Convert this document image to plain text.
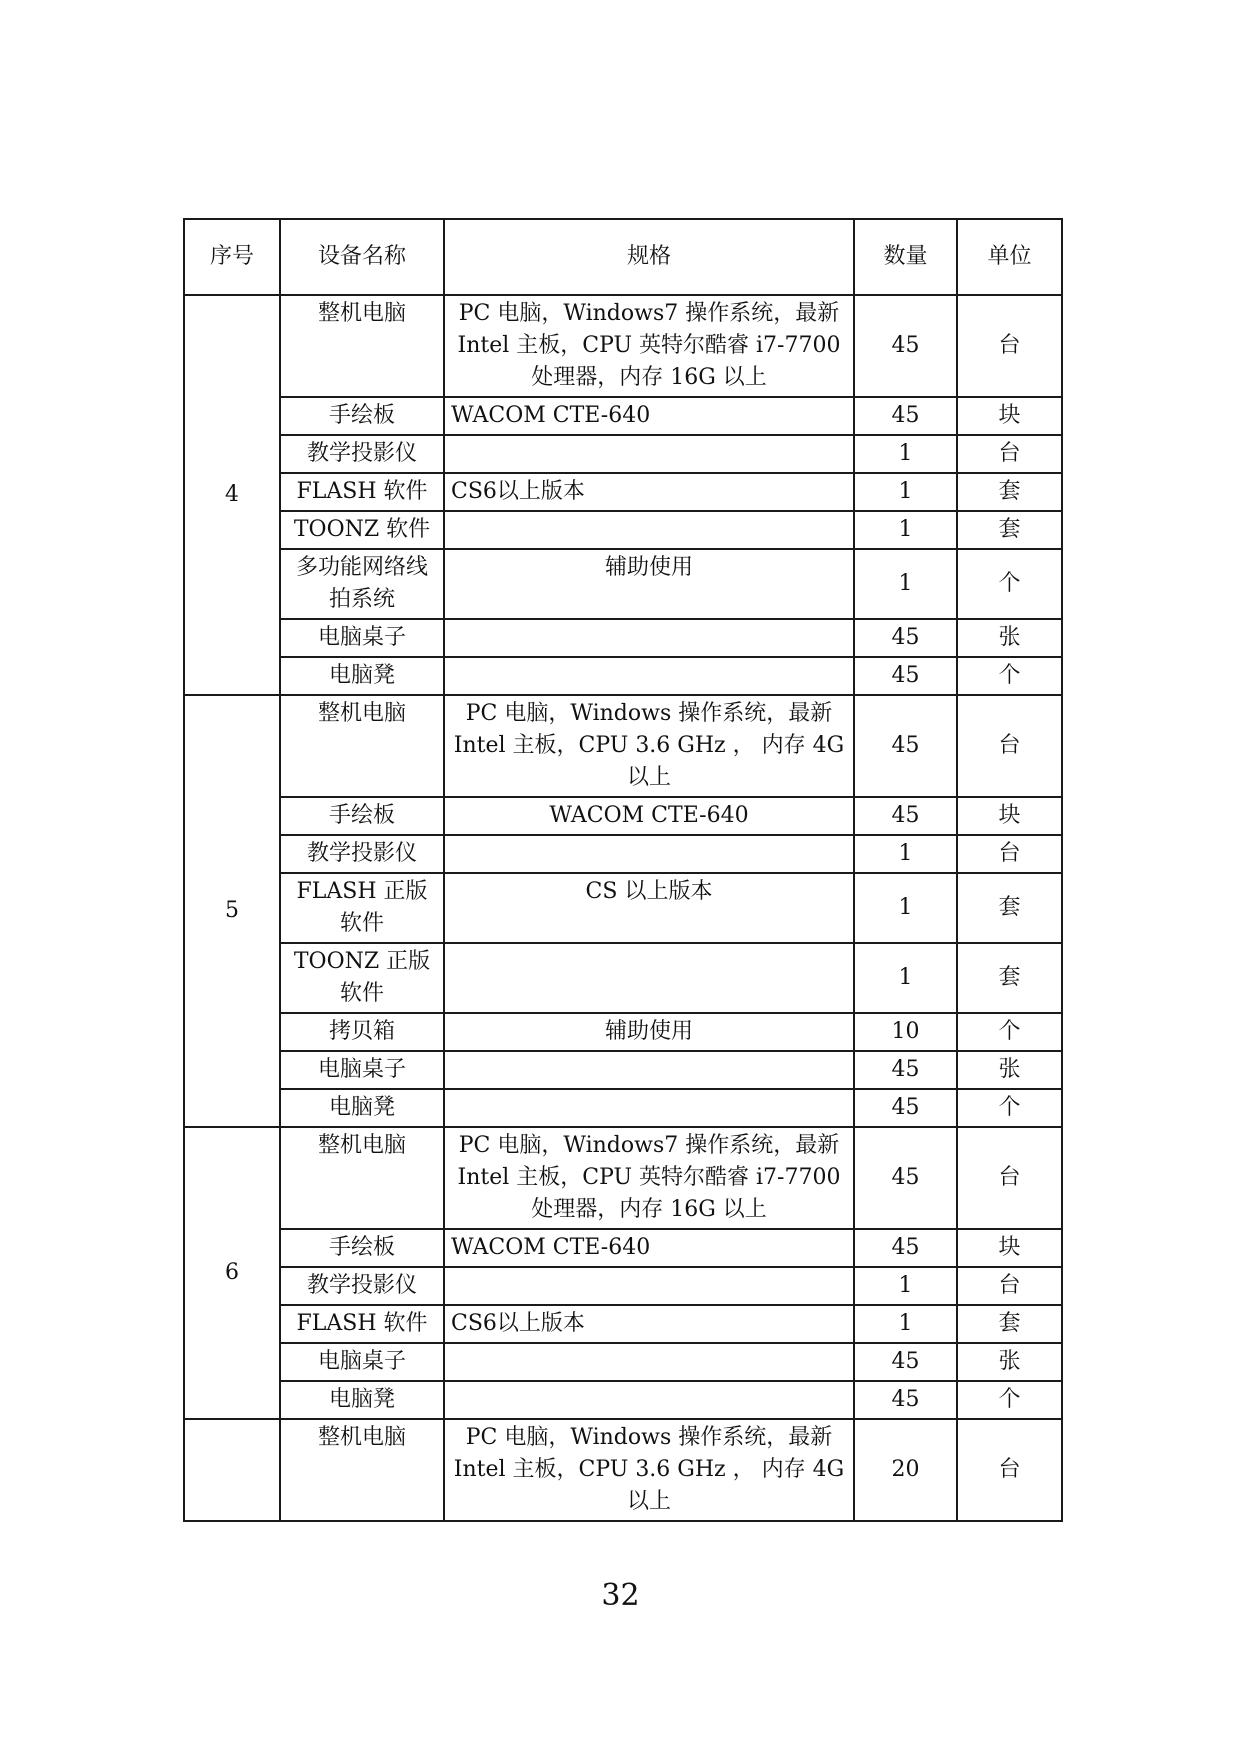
序号	设备名称	规格	数量	单位
4	整机电脑	PC 电脑，Windows7 操作系统，最新 Intel 主板，CPU 英特尔酷睿 i7-7700 处理器，内存 16G 以上	45	台
	手绘板	WACOM CTE-640	45	块
	教学投影仪		1	台
	FLASH 软件	CS6以上版本	1	套
	TOONZ 软件		1	套
	多功能网络线拍系统	辅助使用	1	个
	电脑桌子		45	张
	电脑凳		45	个
5	整机电脑	PC 电脑，Windows 操作系统，最新 Intel 主板，CPU 3.6 GHz ， 内存 4G 以上	45	台
	手绘板	WACOM CTE-640	45	块
	教学投影仪		1	台
	FLASH 正版软件	CS 以上版本	1	套
	TOONZ 正版软件		1	套
	拷贝箱	辅助使用	10	个
	电脑桌子		45	张
	电脑凳		45	个
6	整机电脑	PC 电脑，Windows7 操作系统，最新 Intel 主板，CPU 英特尔酷睿 i7-7700 处理器，内存 16G 以上	45	台
	手绘板	WACOM CTE-640	45	块
	教学投影仪		1	台
	FLASH 软件	CS6以上版本	1	套
	电脑桌子		45	张
	电脑凳		45	个
	整机电脑	PC 电脑，Windows 操作系统，最新 Intel 主板，CPU 3.6 GHz ， 内存 4G 以上	20	台
32
